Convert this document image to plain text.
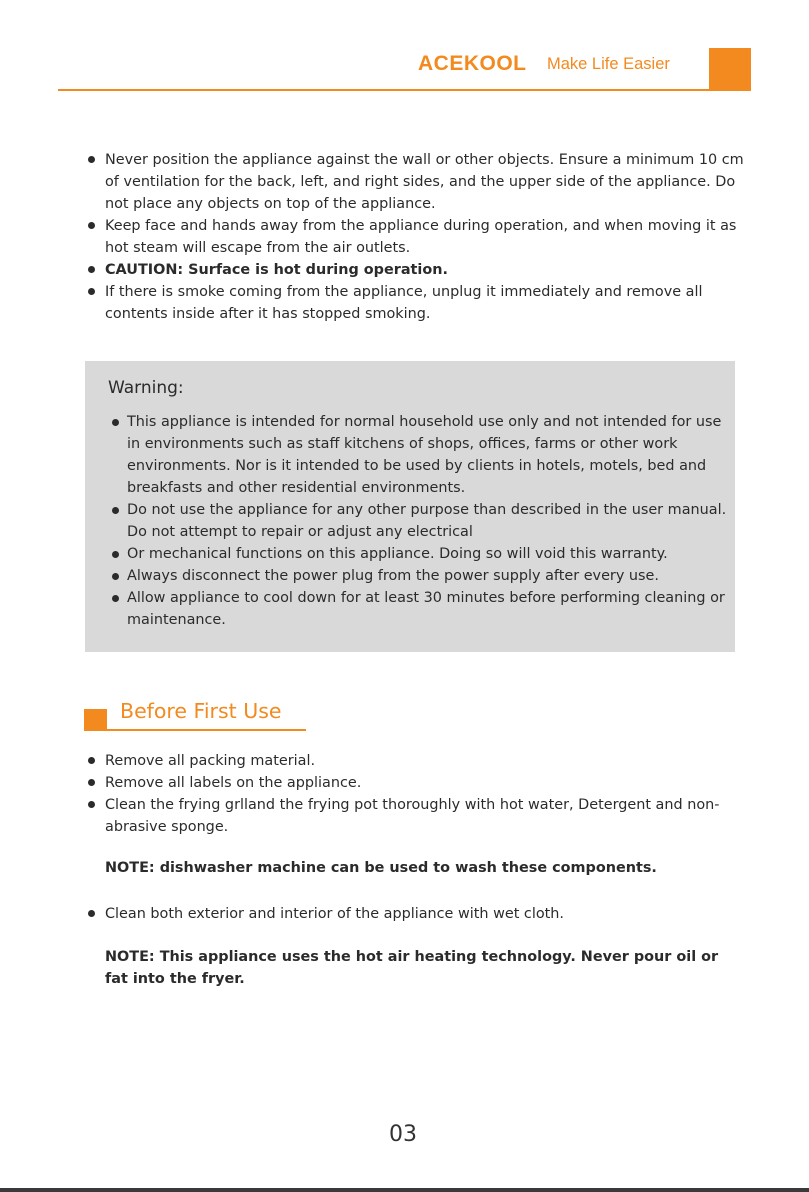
ACEKOOL Make Life Easier
Never position the appliance against the wall or other objects. Ensure a minimum 10 cm of ventilation for the back, left, and right sides, and the upper side of the appliance. Do not place any objects on top of the appliance.
Keep face and hands away from the appliance during operation, and when moving it as hot steam will escape from the air outlets.
CAUTION: Surface is hot during operation.
If there is smoke coming from the appliance, unplug it immediately and remove all contents inside after it has stopped smoking.
Warning:
This appliance is intended for normal household use only and not intended for use in environments such as staff kitchens of shops, offices, farms or other work environments. Nor is it intended to be used by clients in hotels, motels, bed and breakfasts and other residential environments.
Do not use the appliance for any other purpose than described in the user manual. Do not attempt to repair or adjust any electrical
Or mechanical functions on this appliance. Doing so will void this warranty.
Always disconnect the power plug from the power supply after every use.
Allow appliance to cool down for at least 30 minutes before performing cleaning or maintenance.
Before First Use
Remove all packing material.
Remove all labels on the appliance.
Clean the frying grlland the frying pot thoroughly with hot water, Detergent and non-abrasive sponge.
NOTE: dishwasher machine can be used to wash these components.
Clean both exterior and interior of the appliance with wet cloth.
NOTE: This appliance uses the hot air heating technology. Never pour oil or fat into the fryer.
03
